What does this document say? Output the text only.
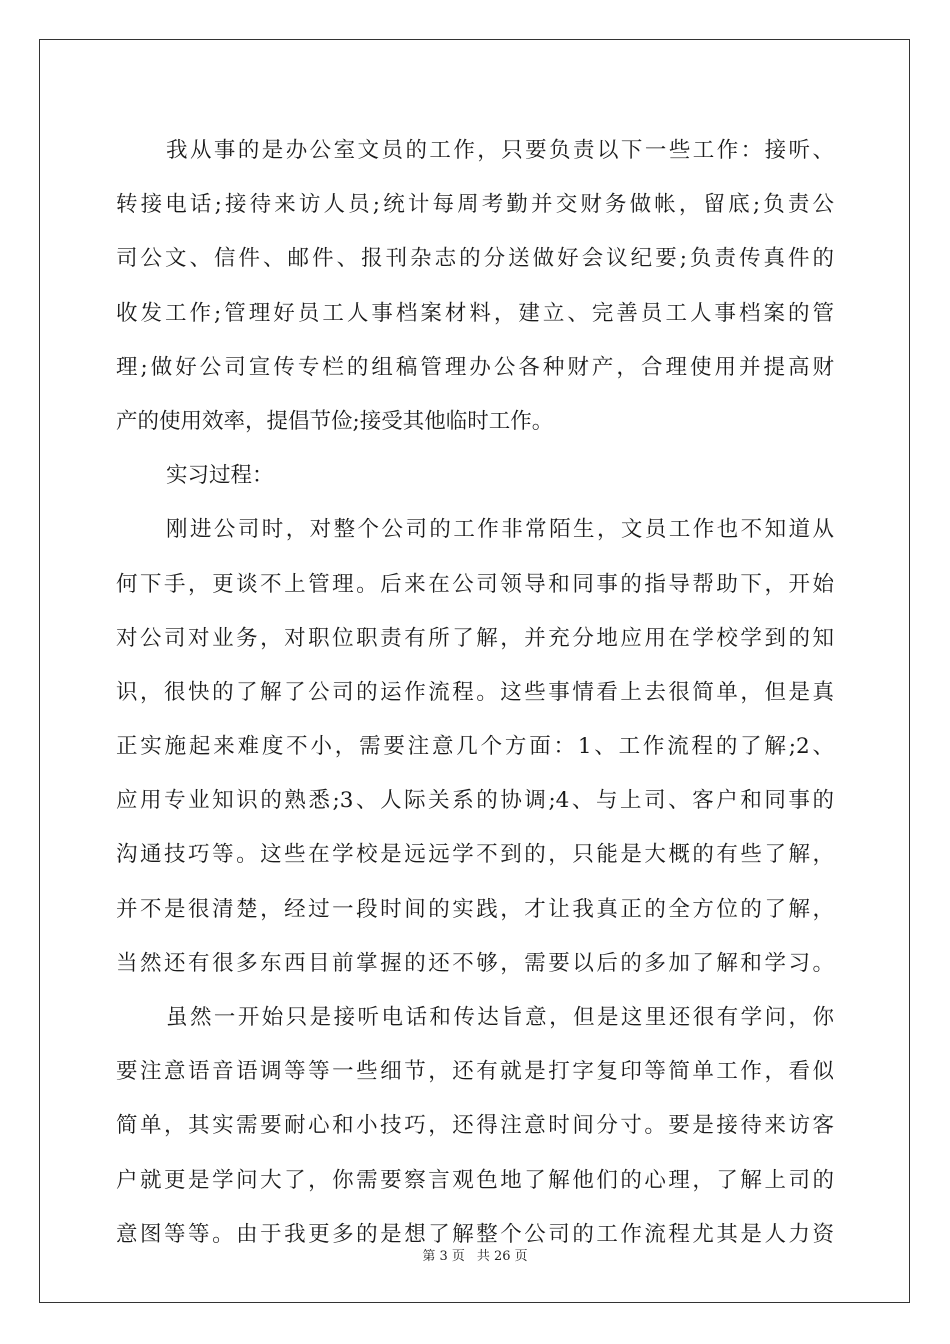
我从事的是办公室文员的工作，只要负责以下一些工作：接听、
转接电话;接待来访人员;统计每周考勤并交财务做帐，留底;负责公
司公文、信件、邮件、报刊杂志的分送做好会议纪要;负责传真件的
收发工作;管理好员工人事档案材料，建立、完善员工人事档案的管
理;做好公司宣传专栏的组稿管理办公各种财产，合理使用并提高财
产的使用效率，提倡节俭;接受其他临时工作。
实习过程：
刚进公司时，对整个公司的工作非常陌生，文员工作也不知道从
何下手，更谈不上管理。后来在公司领导和同事的指导帮助下，开始
对公司对业务，对职位职责有所了解，并充分地应用在学校学到的知
识，很快的了解了公司的运作流程。这些事情看上去很简单，但是真
正实施起来难度不小，需要注意几个方面：1、工作流程的了解;2、
应用专业知识的熟悉;3、人际关系的协调;4、与上司、客户和同事的
沟通技巧等。这些在学校是远远学不到的，只能是大概的有些了解，
并不是很清楚，经过一段时间的实践，才让我真正的全方位的了解，
当然还有很多东西目前掌握的还不够，需要以后的多加了解和学习。
虽然一开始只是接听电话和传达旨意，但是这里还很有学问，你
要注意语音语调等等一些细节，还有就是打字复印等简单工作，看似
简单，其实需要耐心和小技巧，还得注意时间分寸。要是接待来访客
户就更是学问大了，你需要察言观色地了解他们的心理，了解上司的
意图等等。由于我更多的是想了解整个公司的工作流程尤其是人力资
第 3 页 共 26 页
